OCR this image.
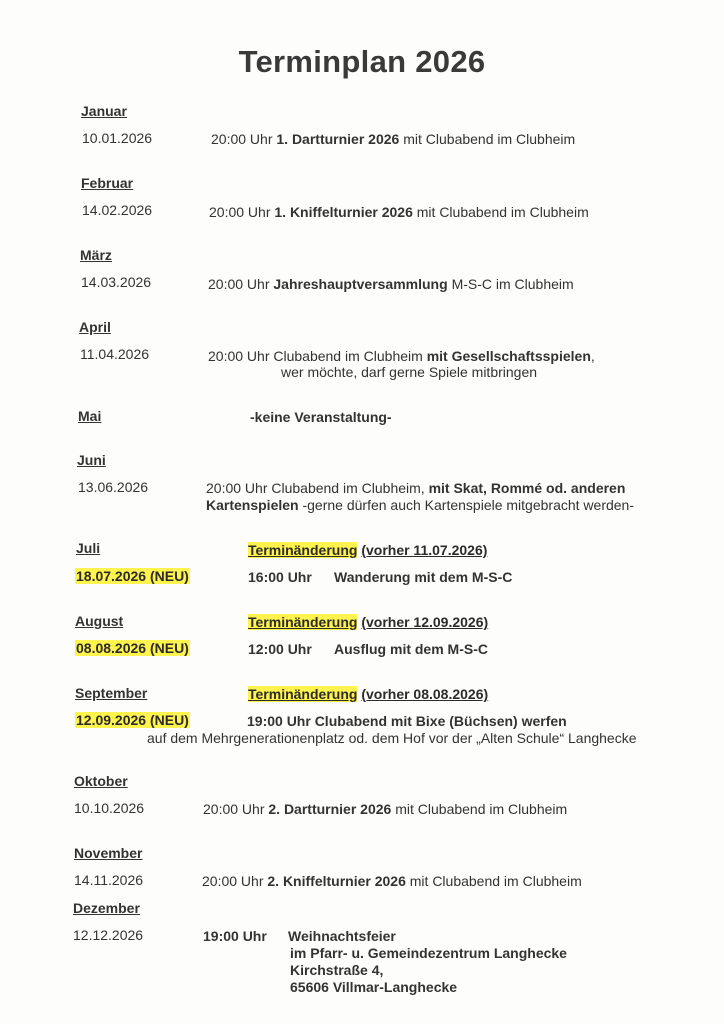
Terminplan 2026
Januar
10.01.2026	20:00 Uhr 1. Dartturnier 2026 mit Clubabend im Clubheim
Februar
14.02.2026	20:00 Uhr 1. Kniffelturnier 2026 mit Clubabend im Clubheim
März
14.03.2026	20:00 Uhr Jahreshauptversammlung M-S-C im Clubheim
April
11.04.2026	20:00 Uhr Clubabend im Clubheim mit Gesellschaftsspielen,
wer möchte, darf gerne Spiele mitbringen
Mai	-keine Veranstaltung-
Juni
13.06.2026	20:00 Uhr Clubabend im Clubheim, mit Skat, Rommé od. anderen
Kartenspielen -gerne dürfen auch Kartenspiele mitgebracht werden-
Juli	Terminänderung (vorher 11.07.2026)
18.07.2026 (NEU)	16:00 Uhr Wanderung mit dem M-S-C
August	Terminänderung (vorher 12.09.2026)
08.08.2026 (NEU)	12:00 Uhr Ausflug mit dem M-S-C
September	Terminänderung (vorher 08.08.2026)
12.09.2026 (NEU)	19:00 Uhr Clubabend mit Bixe (Büchsen) werfen
auf dem Mehrgenerationenplatz od. dem Hof vor der „Alten Schule“ Langhecke
Oktober
10.10.2026	20:00 Uhr 2. Dartturnier 2026 mit Clubabend im Clubheim
November
14.11.2026	20:00 Uhr 2. Kniffelturnier 2026 mit Clubabend im Clubheim
Dezember
12.12.2026	19:00 Uhr Weihnachtsfeier
im Pfarr- u. Gemeindezentrum Langhecke
Kirchstraße 4,
65606 Villmar-Langhecke
